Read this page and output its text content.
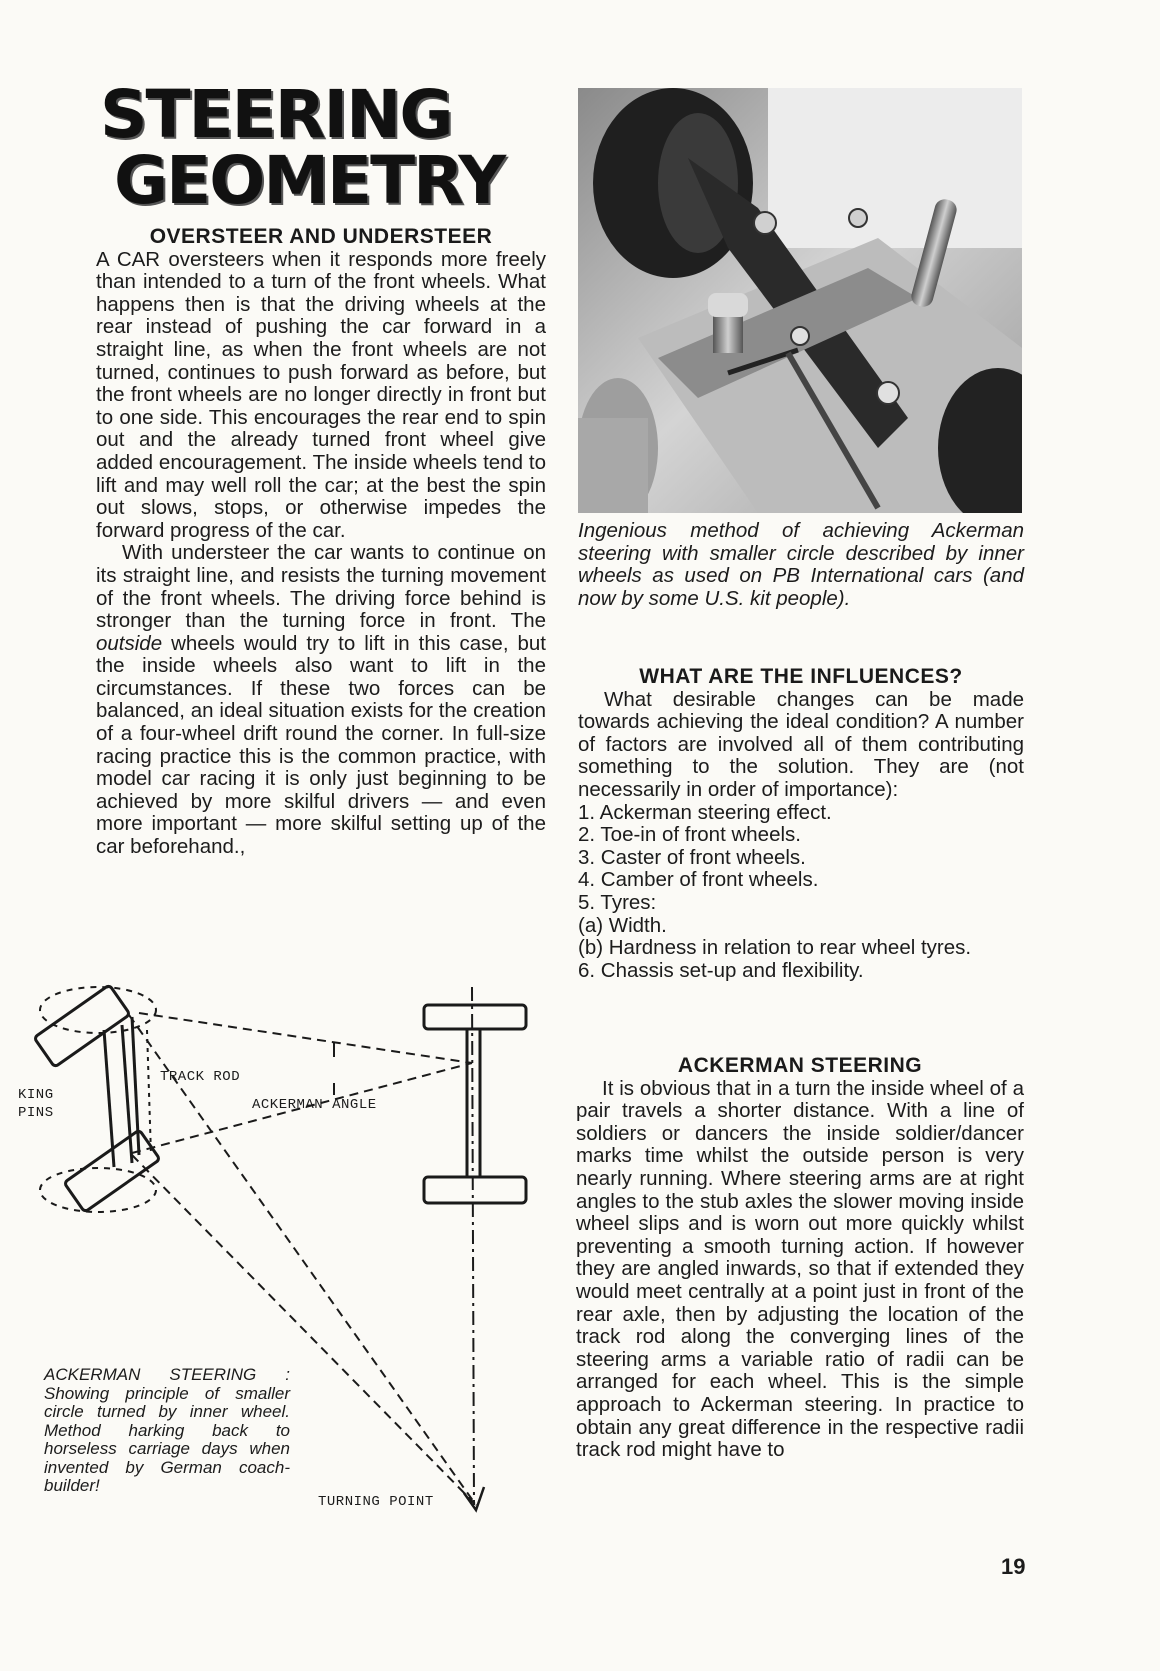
STEERING
GEOMETRY
OVERSTEER AND UNDERSTEER

A CAR oversteers when it responds more freely than intended to a turn of the front wheels. What happens then is that the driving wheels at the rear instead of pushing the car forward in a straight line, as when the front wheels are not turned, continues to push forward as before, but the front wheels are no longer directly in front but to one side. This encourages the rear end to spin out and the already turned front wheel give added encouragement. The inside wheels tend to lift and may well roll the car; at the best the spin out slows, stops, or otherwise impedes the forward progress of the car.

With understeer the car wants to continue on its straight line, and resists the turning movement of the front wheels. The driving force behind is stronger than the turning force in front. The outside wheels would try to lift in this case, but the inside wheels also want to lift in the circumstances. If these two forces can be balanced, an ideal situation exists for the creation of a four-wheel drift round the corner. In full-size racing practice this is the common practice, with model car racing it is only just beginning to be achieved by more skilful drivers — and even more important — more skilful setting up of the car beforehand.,

Ingenious method of achieving Ackerman steering with smaller circle described by inner wheels as used on PB International cars (and now by some U.S. kit people).
WHAT ARE THE INFLUENCES?

What desirable changes can be made towards achieving the ideal condition? A number of factors are involved all of them contributing something to the solution. They are (not necessarily in order of importance):

1. Ackerman steering effect.
2. Toe-in of front wheels.
3. Caster of front wheels.
4. Camber of front wheels.
5. Tyres:
(a) Width.
(b) Hardness in relation to rear wheel tyres.
6. Chassis set-up and flexibility.
ACKERMAN STEERING

It is obvious that in a turn the inside wheel of a pair travels a shorter distance. With a line of soldiers or dancers the inside soldier/dancer marks time whilst the outside person is very nearly running. Where steering arms are at right angles to the stub axles the slower moving inside wheel slips and is worn out more quickly whilst preventing a smooth turning action. If however they are angled inwards, so that if extended they would meet centrally at a point just in front of the rear axle, then by adjusting the location of the track rod along the converging lines of the steering arms a variable ratio of radii can be arranged for each wheel. This is the simple approach to Ackerman steering. In practice to obtain any great difference in the respective radii track rod might have to

KING
PINS
TRACK ROD
ACKERMAN ANGLE
TURNING POINT
ACKERMAN STEERING : Showing principle of smaller circle turned by inner wheel. Method harking back to horseless carriage days when invented by German coach-builder!
19
